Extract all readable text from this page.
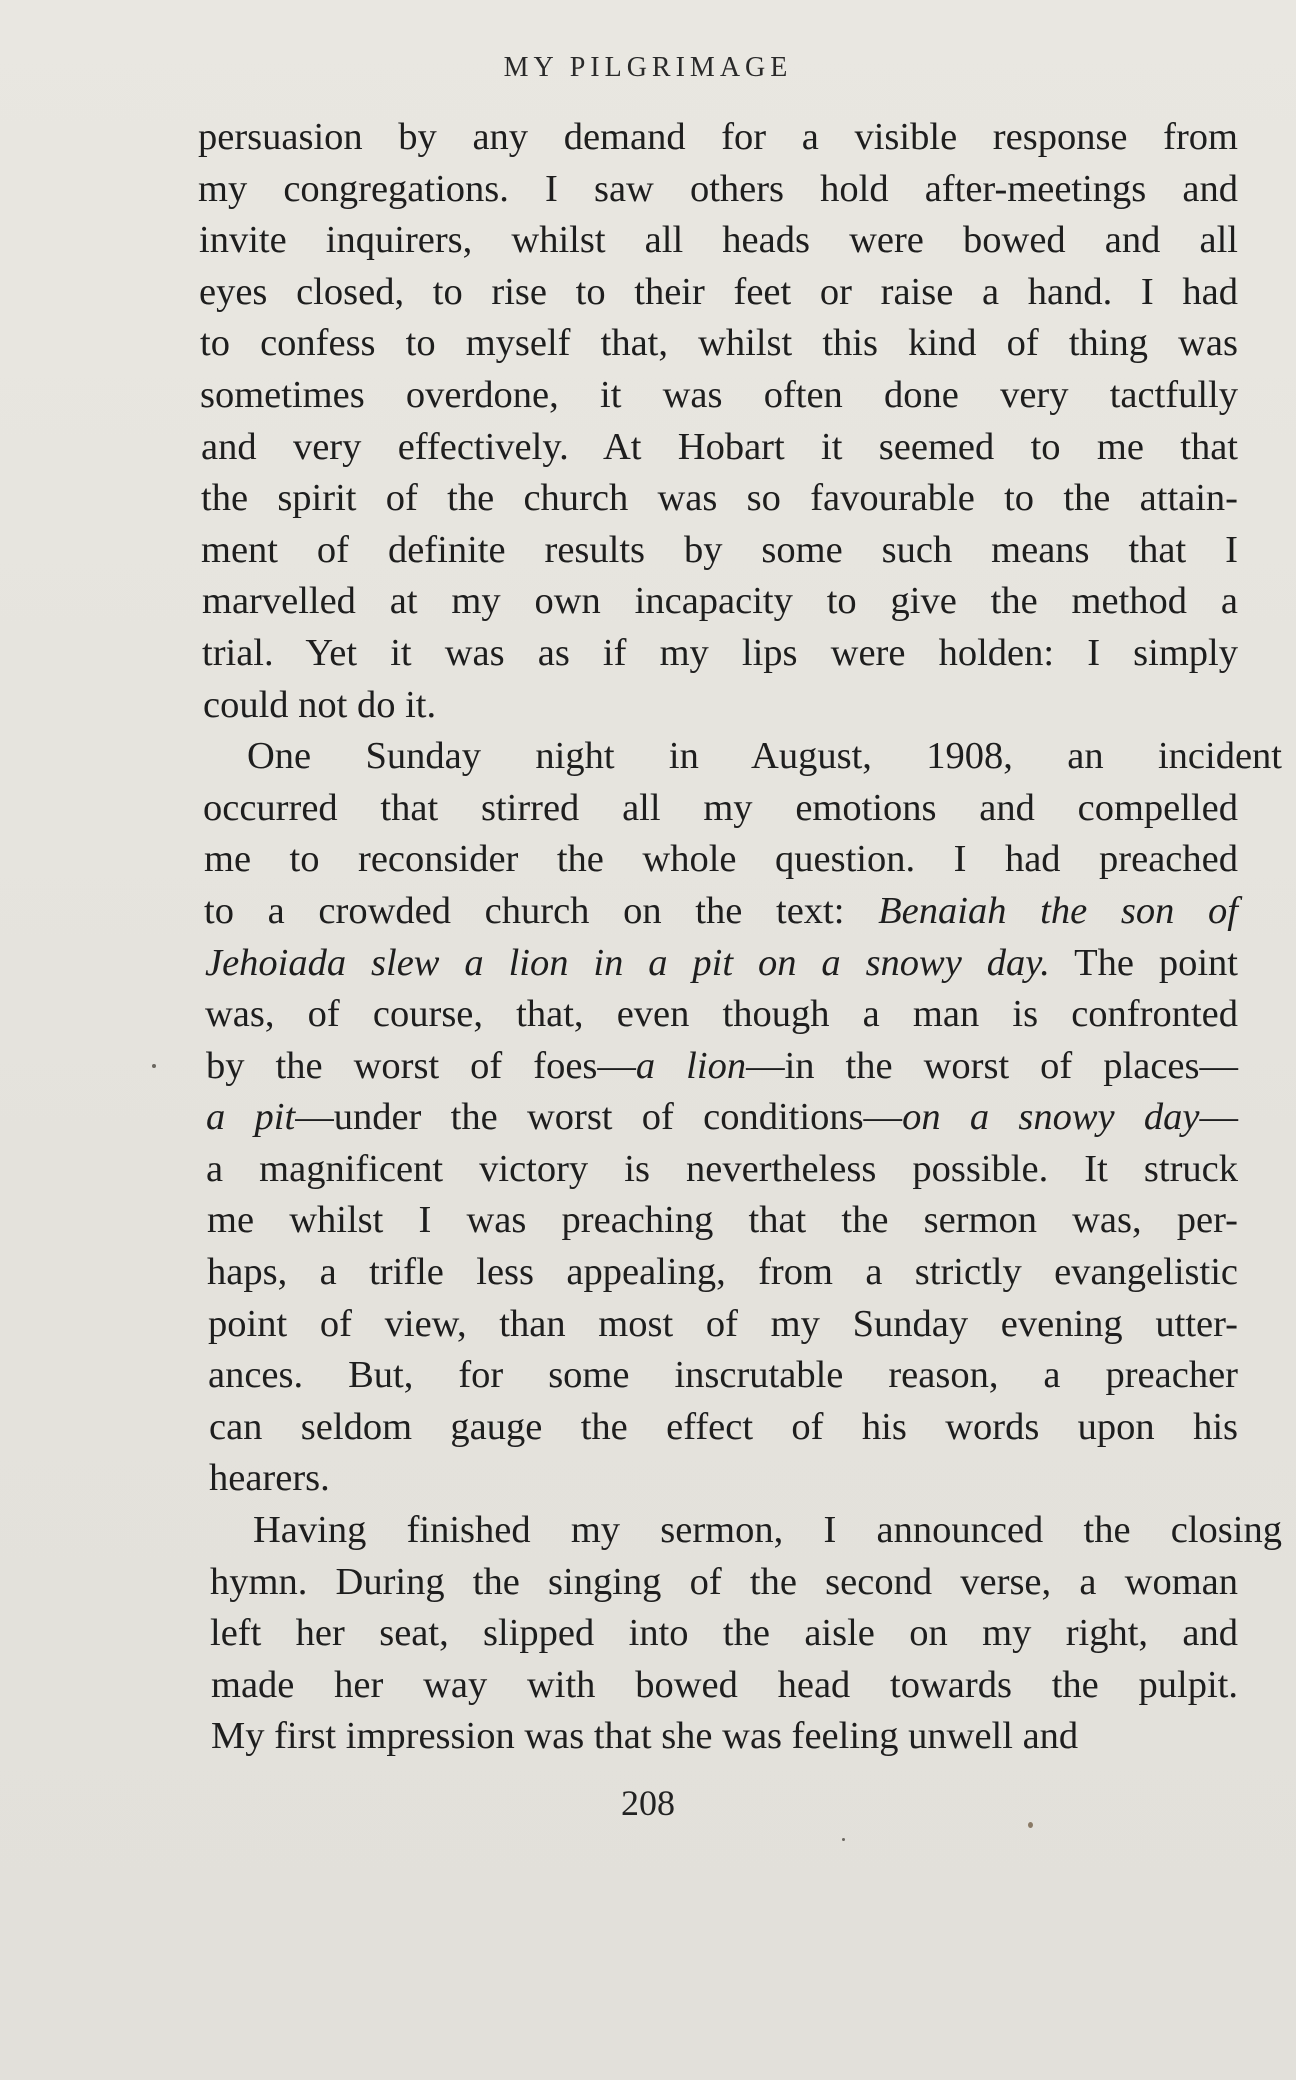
MY PILGRIMAGE
persuasion by any demand for a visible response from
my congregations. I saw others hold after-meetings and
invite inquirers, whilst all heads were bowed and all
eyes closed, to rise to their feet or raise a hand. I had
to confess to myself that, whilst this kind of thing was
sometimes overdone, it was often done very tactfully
and very effectively. At Hobart it seemed to me that
the spirit of the church was so favourable to the attain-
ment of definite results by some such means that I
marvelled at my own incapacity to give the method a
trial. Yet it was as if my lips were holden: I simply
could not do it.
One Sunday night in August, 1908, an incident
occurred that stirred all my emotions and compelled
me to reconsider the whole question. I had preached
to a crowded church on the text: Benaiah the son of
Jehoiada slew a lion in a pit on a snowy day. The point
was, of course, that, even though a man is confronted
by the worst of foes—a lion—in the worst of places—
a pit—under the worst of conditions—on a snowy day—
a magnificent victory is nevertheless possible. It struck
me whilst I was preaching that the sermon was, per-
haps, a trifle less appealing, from a strictly evangelistic
point of view, than most of my Sunday evening utter-
ances. But, for some inscrutable reason, a preacher
can seldom gauge the effect of his words upon his
hearers.
Having finished my sermon, I announced the closing
hymn. During the singing of the second verse, a woman
left her seat, slipped into the aisle on my right, and
made her way with bowed head towards the pulpit.
My first impression was that she was feeling unwell and
208
